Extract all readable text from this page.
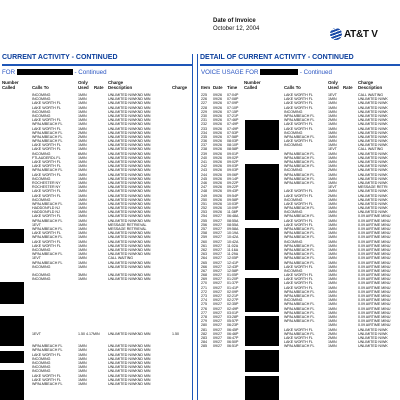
Date of Invoice
October 12, 2004	AT&T V
CURRENT ACTIVITY - CONTINUED
FOR	- Continued
Number
Called	Calls To
Only
Used Rate
Charge
Description	Charge
INCOMING	1MIN	UNLIMITED N/WKND MIN
INCOMING	1MIN	UNLIMITED N/WKND MIN
LAKE WORTH FL	1MIN	UNLIMITED N/WKND MIN
LAKE WORTH FL	1MIN	UNLIMITED N/WKND MIN
INCOMING	1MIN	UNLIMITED N/WKND MIN
INCOMING	1MIN	UNLIMITED N/WKND MIN
LAKE WORTH FL	1MIN	UNLIMITED N/WKND MIN
WPALMBEACH FL	1MIN	UNLIMITED N/WKND MIN
LAKE WORTH FL	1MIN	UNLIMITED N/WKND MIN
WPALMBEACH FL	2MIN	UNLIMITED N/WKND MIN
WPALMBEACH FL	2MIN	UNLIMITED N/WKND MIN
WPALMBEACH FL	1MIN	UNLIMITED N/WKND MIN
LAKE WORTH FL	1MIN	UNLIMITED N/WKND MIN
LAKE WORTH FL	1MIN	UNLIMITED N/WKND MIN
INCOMING	6MIN	UNLIMITED N/WKND MIN
FTLAUDERDL FL	1MIN	UNLIMITED N/WKND MIN
LAKE WORTH FL	1MIN	UNLIMITED N/WKND MIN
LAKE WORTH FL	1MIN	UNLIMITED N/WKND MIN
WPALMBEACH FL	1MIN	UNLIMITED N/WKND MIN
LAKE WORTH FL	1MIN	UNLIMITED N/WKND MIN
INCOMING	1MIN	UNLIMITED N/WKND MIN
ROCHESTER NY	1MIN	UNLIMITED N/WKND MIN
ROCHESTER NY	1MIN	UNLIMITED N/WKND MIN
LAKE WORTH FL	1MIN	UNLIMITED N/WKND MIN
LAKE WORTH FL	1MIN	UNLIMITED N/WKND MIN
INCOMING	1MIN	UNLIMITED N/WKND MIN
WPALMBEACH FL	1MIN	UNLIMITED N/WKND MIN
HADDONFLD NJ	1MIN	UNLIMITED N/WKND MIN
HADDONFLD NJ	1MIN	UNLIMITED N/WKND MIN
LAKE WORTH FL	1MIN	UNLIMITED N/WKND MIN
WPALMBEACH FL	1MIN	UNLIMITED N/WKND MIN
1EVT	1MIN	MESSAGE RETRIEVAL
WPALMBEACH FL	1MIN	MESSAGE RETRIEVAL
LAKE WORTH FL	1MIN	UNLIMITED N/WKND MIN
WPALMBEACH FL	1MIN	UNLIMITED N/WKND MIN
LAKE WORTH FL	1MIN	UNLIMITED N/WKND MIN
LAKE WORTH FL	1MIN	UNLIMITED N/WKND MIN
INCOMING	1MIN	UNLIMITED N/WKND MIN
WPALMBEACH FL	1MIN	UNLIMITED N/WKND MIN
1EVT	1MIN	CALL WAITING
WPALMBEACH FL	1MIN	UNLIMITED N/WKND MIN
INCOMING	1MIN	UNLIMITED N/WKND MIN
INCOMING	3MIN	UNLIMITED N/WKND MIN
INCOMING	1MIN	UNLIMITED N/WKND MIN
1EVT	1.50 4.17MIN UNLIMITED N/WKND MIN	1.50
WPALMBEACH FL	1MIN	UNLIMITED N/WKND MIN
WPALMBEACH FL	1MIN	UNLIMITED N/WKND MIN
LAKE WORTH FL	1MIN	UNLIMITED N/WKND MIN
INCOMING	1MIN	UNLIMITED N/WKND MIN
INCOMING	1MIN	UNLIMITED N/WKND MIN
INCOMING	1MIN	UNLIMITED N/WKND MIN
INCOMING	1MIN	UNLIMITED N/WKND MIN
LAKE WORTH FL	1MIN	UNLIMITED N/WKND MIN
LAKE WORTH FL	1MIN	UNLIMITED N/WKND MIN
WPALMBEACH FL	1MIN	UNLIMITED N/WKND MIN
DETAIL OF CURRENT ACTIVITY - CONTINUED
VOICE USAGE FOR	- Continued
Item Date Time
Number
Called	Calls To
Only
Used Rate
Charge
Description
225 09/26 07:04P	LAKE WORTH FL	1EVT	CALL WAITING
226 09/26 07:08P	LAKE WORTH FL	1MIN	UNLIMITED N/WK
227 09/26 07:09P	LAKE WORTH FL	1MIN	UNLIMITED N/WK
228 09/26 07:10P	LAKE WORTH FL	1MIN	UNLIMITED N/WK
229 09/26 07:15P	INCOMING	1MIN	UNLIMITED N/WK
230 09/26 07:21P	WPALMBEACH FL	1MIN	UNLIMITED N/WK
231 09/26 07:46P	WPALMBEACH FL	2MIN	UNLIMITED N/WK
232 09/26 07:49P	LAKE WORTH FL	1MIN	UNLIMITED N/WK
233 09/26 07:49P	LAKE WORTH FL	1MIN	UNLIMITED N/WK
234 09/26 07:53P	INCOMING	1MIN	UNLIMITED N/WK
235 09/26 07:58P	WPALMBEACH FL	1MIN	UNLIMITED N/WK
236 09/26 08:03P	LAKE WORTH FL	1MIN	UNLIMITED N/WK
237 09/26 08:10P	INCOMING	1MIN	UNLIMITED N/WK
238 09/26 08:58P	1EVT	CALL WAITING
239 09/26 09:01P	WPALMBEACH FL	1MIN	UNLIMITED N/WK
240 09/26 09:02P	WPALMBEACH FL	1MIN	UNLIMITED N/WK
241 09/26 09:02P	WPALMBEACH FL	1MIN	UNLIMITED N/WK
242 09/26 09:03P	WPALMBEACH FL	1MIN	UNLIMITED N/WK
243 09/26 09:03P	INCOMING	2MIN	UNLIMITED N/WK
244 09/26 09:06P	WPALMBEACH FL	1MIN	UNLIMITED N/WK
245 09/26 09:14P	WPALMBEACH FL	1MIN	UNLIMITED N/WK
246 09/26 09:22P	WPALMBEACH FL	1MIN	UNLIMITED N/WK
247 09/26 09:22P	1EVT	MESSAGE RETRI
248 09/26 09:43P	LAKE WORTH FL	1MIN	UNLIMITED N/WK
249 09/26 09:54P	LAKE WORTH FL	2MIN	UNLIMITED N/WK
250 09/26 09:58P	INCOMING	1MIN	UNLIMITED N/WK
251 09/26 10:03P	LAKE WORTH FL	1MIN	UNLIMITED N/WK
252 09/26 10:09P	WPALMBEACH FL	1MIN	UNLIMITED N/WK
253 09/26 11:38P	INCOMING	1MIN	UNLIMITED N/WK
254 09/27 06:48A	WPALMBEACH FL	1MIN	0.09 AIRTIME MINU
255 09/27 08:55A	LAKE WORTH FL	1MIN	0.09 AIRTIME MINU
256 09/27 08:55A	LAKE WORTH FL	1MIN	0.09 AIRTIME MINU
257 09/27 09:58A	WPALMBEACH FL	1MIN	0.09 AIRTIME MINU
258 09/27 10:19A	WPALMBEACH FL	1MIN	0.09 AIRTIME MINU
259 09/27 10:42A	WPALMBEACH FL	1MIN	0.09 AIRTIME MINU
260 09/27 10:42A	INCOMING	1MIN	0.09 AIRTIME MINU
261 09/27 11:02A	WPALMBEACH FL	1MIN	0.09 AIRTIME MINU
262 09/27 11:16A	WPALMBEACH FL	1MIN	0.09 AIRTIME MINU
263 09/27 11:29A	WPALMBEACH FL	1MIN	0.09 AIRTIME MINU
264 09/27 12:05P	WPALMBEACH FL	1MIN	0.09 AIRTIME MINU
265 09/27 12:41P	WPALMBEACH FL	1MIN	0.09 AIRTIME MINU
266 09/27 12:43P	LAKE WORTH FL	1MIN	0.09 AIRTIME MINU
267 09/27 12:58P	INCOMING	1MIN	0.09 AIRTIME MINU
268 09/27 01:05P	LAKE WORTH FL	1MIN	0.09 AIRTIME MINU
269 09/27 01:20P	LAKE WORTH FL	1MIN	0.09 AIRTIME MINU
270 09/27 01:37P	LAKE WORTH FL	1MIN	0.09 AIRTIME MINU
271 09/27 01:41P	LAKE WORTH FL	1MIN	0.09 AIRTIME MINU
272 09/27 02:09P	WPALMBEACH FL	1MIN	0.09 AIRTIME MINU
273 09/27 02:21P	WPALMBEACH FL	1MIN	0.09 AIRTIME MINU
274 09/27 02:27P	INCOMING	1MIN	0.09 AIRTIME MINU
275 09/27 02:35P	WPALMBEACH FL	1MIN	0.09 AIRTIME MINU
276 09/27 02:49P	WPALMBEACH FL	1MIN	0.09 AIRTIME MINU
277 09/27 03:01P	WPALMBEACH FL	1MIN	0.09 AIRTIME MINU
278 09/27 03:28P	WPALMBEACH FL	1MIN	0.09 AIRTIME MINU
279 09/27 05:57P	WPALMBEACH FL	1MIN	0.09 AIRTIME MINU
280 09/27 06:23P	1MIN	0.09 AIRTIME MINU
281 09/27 06:45P	LAKE WORTH FL	1MIN	UNLIMITED N/WK
282 09/27 06:46P	WPALMBEACH FL	2MIN	UNLIMITED N/WK
283 09/27 06:47P	LAKE WORTH FL	2MIN	UNLIMITED N/WK
284 09/27 06:50P	LAKE WORTH FL	1MIN	UNLIMITED N/WK
285 09/27 06:51P	WPALMBEACH FL	1MIN	UNLIMITED N/WK
